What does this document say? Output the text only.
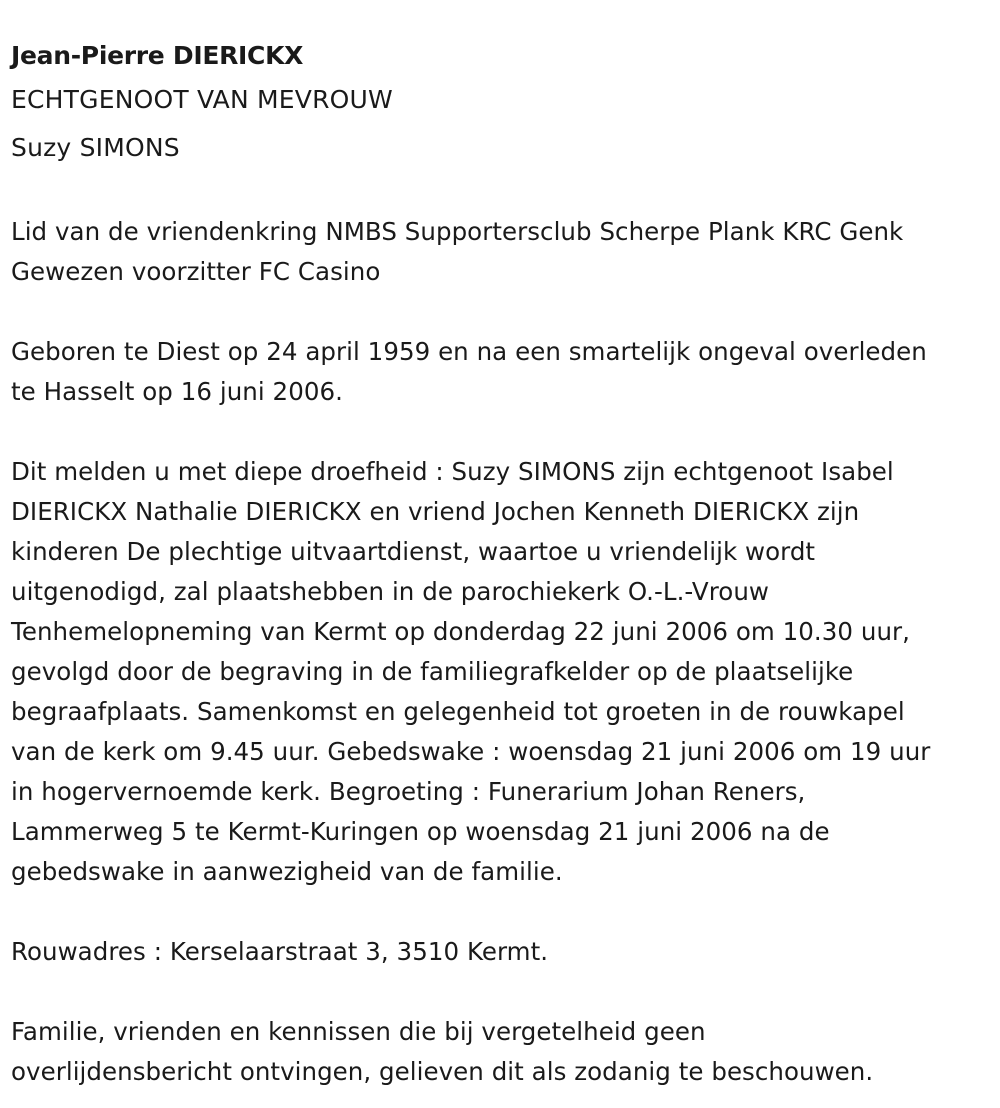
Jean-Pierre DIERICKX
ECHTGENOOT VAN MEVROUW
Suzy SIMONS

Lid van de vriendenkring NMBS Supportersclub Scherpe Plank KRC Genk
Gewezen voorzitter FC Casino

Geboren te Diest op 24 april 1959 en na een smartelijk ongeval overleden
te Hasselt op 16 juni 2006.

Dit melden u met diepe droefheid : Suzy SIMONS zijn echtgenoot Isabel
DIERICKX Nathalie DIERICKX en vriend Jochen Kenneth DIERICKX zijn
kinderen De plechtige uitvaartdienst, waartoe u vriendelijk wordt
uitgenodigd, zal plaatshebben in de parochiekerk O.-L.-Vrouw
Tenhemelopneming van Kermt op donderdag 22 juni 2006 om 10.30 uur,
gevolgd door de begraving in de familiegrafkelder op de plaatselijke
begraafplaats. Samenkomst en gelegenheid tot groeten in de rouwkapel
van de kerk om 9.45 uur. Gebedswake : woensdag 21 juni 2006 om 19 uur
in hogervernoemde kerk. Begroeting : Funerarium Johan Reners,
Lammerweg 5 te Kermt-Kuringen op woensdag 21 juni 2006 na de
gebedswake in aanwezigheid van de familie.

Rouwadres : Kerselaarstraat 3, 3510 Kermt.

Familie, vrienden en kennissen die bij vergetelheid geen
overlijdensbericht ontvingen, gelieven dit als zodanig te beschouwen.
